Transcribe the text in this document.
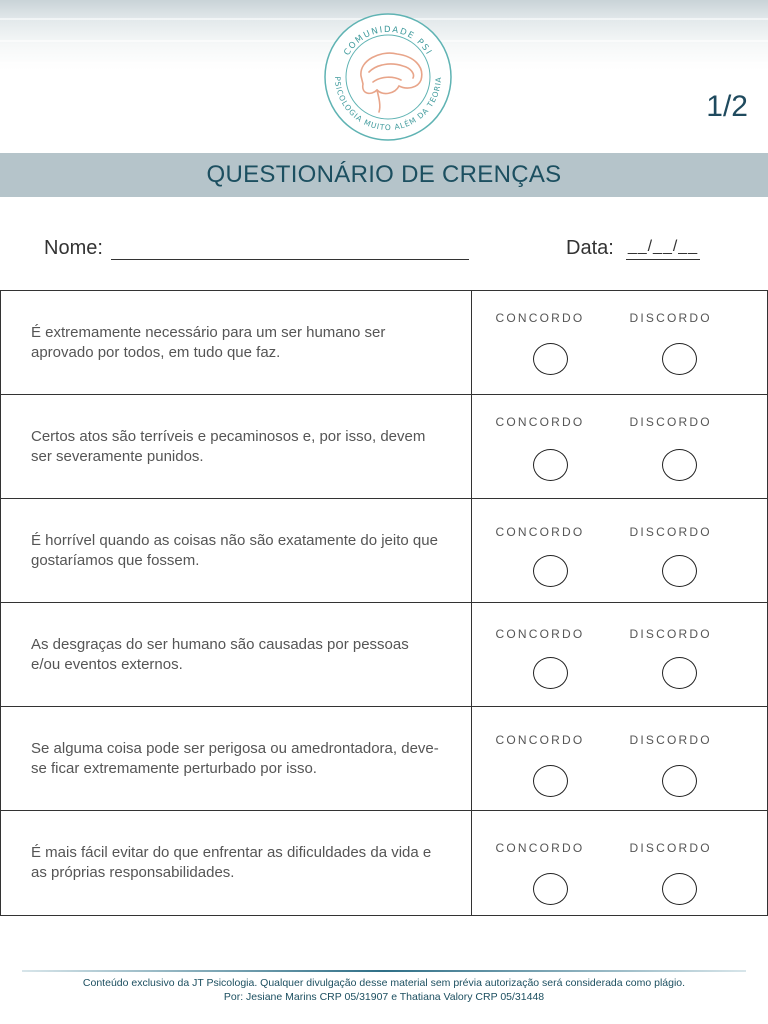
COMUNIDADE PSI
PSICOLOGIA MUITO ALÉM DA TEORIA
1/2
QUESTIONÁRIO DE CRENÇAS
Nome:	Data: __/__/__
É extremamente necessário para um ser humano ser aprovado por todos, em tudo que faz.	CONCORDO DISCORDO

Certos atos são terríveis e pecaminosos e, por isso, devem ser severamente punidos.	CONCORDO DISCORDO

É horrível quando as coisas não são exatamente do jeito que gostaríamos que fossem.	CONCORDO DISCORDO

As desgraças do ser humano são causadas por pessoas e/ou eventos externos.	CONCORDO DISCORDO

Se alguma coisa pode ser perigosa ou amedrontadora, deve-se ficar extremamente perturbado por isso.	CONCORDO DISCORDO

É mais fácil evitar do que enfrentar as dificuldades da vida e as próprias responsabilidades.	CONCORDO DISCORDO
Conteúdo exclusivo da JT Psicologia. Qualquer divulgação desse material sem prévia autorização será considerada como plágio.
Por: Jesiane Marins CRP 05/31907 e Thatiana Valory CRP 05/31448
